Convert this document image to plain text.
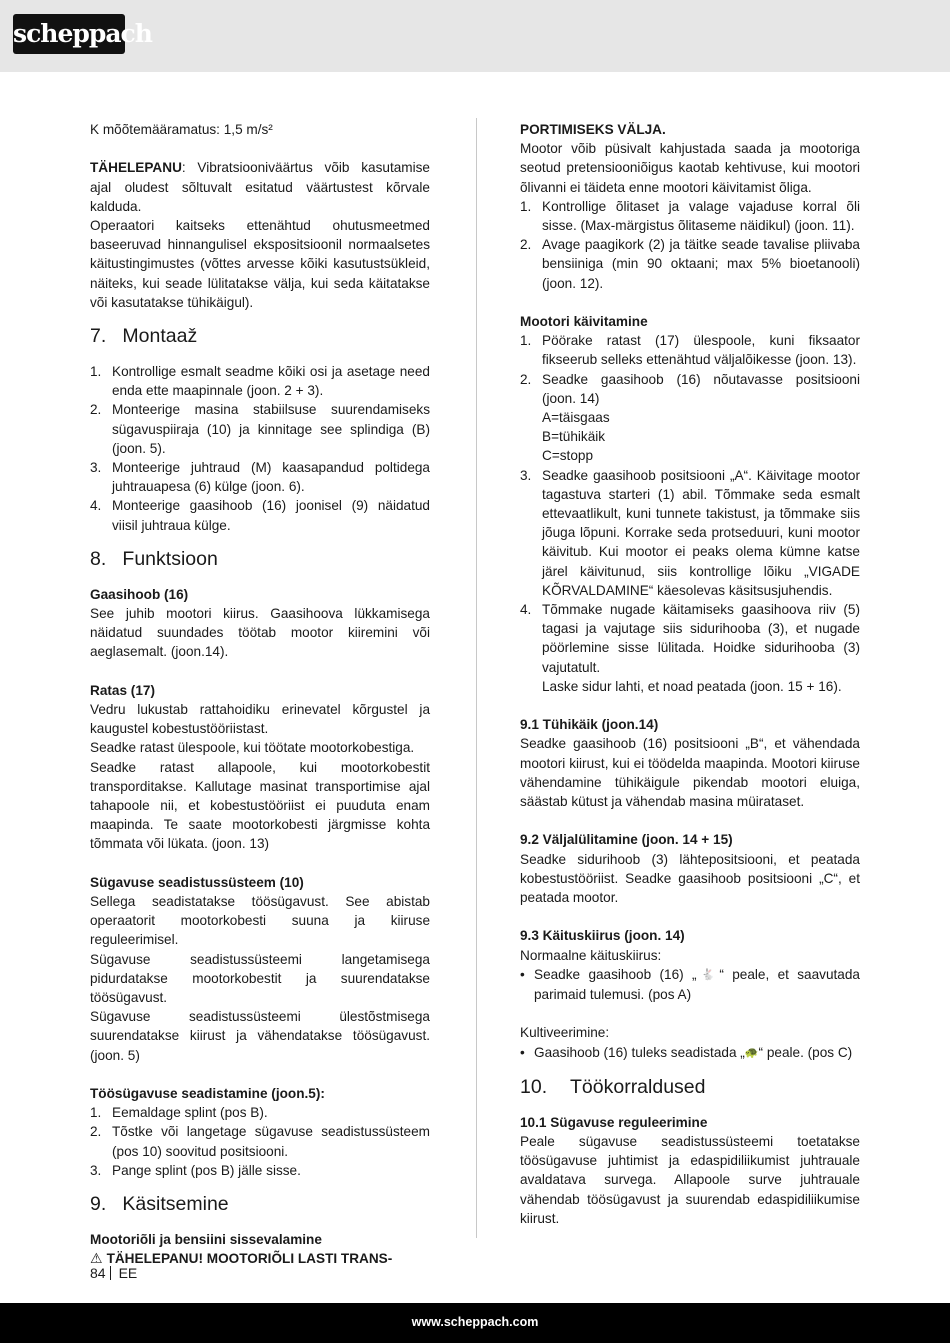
scheppach

K mõõtemääramatus: 1,5 m/s²

TÄHELEPANU: Vibratsiooniväärtus võib kasutamise ajal oludest sõltuvalt esitatud väärtustest kõrvale kalduda.

Operaatori kaitseks ettenähtud ohutusmeetmed baseeruvad hinnangulisel ekspositsioonil normaalsetes käitustingimustes (võttes arvesse kõiki kasutustsükleid, näiteks, kui seade lülitatakse välja, kui seda käitatakse või kasutatakse tühikäigul).

7. Montaaž
1. Kontrollige esmalt seadme kõiki osi ja asetage need enda ette maapinnale (joon. 2 + 3).
2. Monteerige masina stabiilsuse suurendamiseks sügavuspiiraja (10) ja kinnitage see splindiga (B) (joon. 5).
3. Monteerige juhtraud (M) kaasapandud poltidega juhtrauapesa (6) külge (joon. 6).
4. Monteerige gaasihoob (16) joonisel (9) näidatud viisil juhtraua külge.
8. Funktsioon

Gaasihoob (16)

See juhib mootori kiirus. Gaasihoova lükkamisega näidatud suundades töötab mootor kiiremini või aeglasemalt. (joon.14).

Ratas (17)

Vedru lukustab rattahoidiku erinevatel kõrgustel ja kaugustel kobestustööriistast.

Seadke ratast ülespoole, kui töötate mootorkobestiga.

Seadke ratast allapoole, kui mootorkobestit transporditakse. Kallutage masinat transportimise ajal tahapoole nii, et kobestustööriist ei puuduta enam maapinda. Te saate mootorkobesti järgmisse kohta tõmmata või lükata. (joon. 13)

Sügavuse seadistussüsteem (10)

Sellega seadistatakse töösügavust. See abistab operaatorit mootorkobesti suuna ja kiiruse reguleerimisel.

Sügavuse seadistussüsteemi langetamisega pidurdatakse mootorkobestit ja suurendatakse töösügavust.

Sügavuse seadistussüsteemi ülestõstmisega suurendatakse kiirust ja vähendatakse töösügavust. (joon. 5)

Töösügavuse seadistamine (joon.5):

1. Eemaldage splint (pos B).
2. Tõstke või langetage sügavuse seadistussüsteem (pos 10) soovitud positsiooni.
3. Pange splint (pos B) jälle sisse.
9. Käsitsemine

Mootoriõli ja bensiini sissevalamine

⚠ TÄHELEPANU! MOOTORIÕLI LASTI TRANS-

PORTIMISEKS VÄLJA.

Mootor võib püsivalt kahjustada saada ja mootoriga seotud pretensiooniõigus kaotab kehtivuse, kui mootori õlivanni ei täideta enne mootori käivitamist õliga.

1. Kontrollige õlitaset ja valage vajaduse korral õli sisse. (Max-märgistus õlitaseme näidikul) (joon. 11).
2. Avage paagikork (2) ja täitke seade tavalise pliivaba bensiiniga (min 90 oktaani; max 5% bioetanooli) (joon. 12).

Mootori käivitamine

1. Pöörake ratast (17) ülespoole, kuni fiksaator fikseerub selleks ettenähtud väljalõikesse (joon. 13).
2. Seadke gaasihoob (16) nõutavasse positsiooni (joon. 14)
A=täisgaas
B=tühikäik
C=stopp
3. Seadke gaasihoob positsiooni „A“. Käivitage mootor tagastuva starteri (1) abil. Tõmmake seda esmalt ettevaatlikult, kuni tunnete takistust, ja tõmmake siis jõuga lõpuni. Korrake seda protseduuri, kuni mootor käivitub. Kui mootor ei peaks olema kümne katse järel käivitunud, siis kontrollige lõiku „VIGADE KÕRVALDAMINE“ käesolevas käsitsusjuhendis.
4. Tõmmake nugade käitamiseks gaasihoova riiv (5) tagasi ja vajutage siis sidurihooba (3), et nugade pöörlemine sisse lülitada. Hoidke sidurihooba (3) vajutatult.
Laske sidur lahti, et noad peatada (joon. 15 + 16).

9.1 Tühikäik (joon.14)

Seadke gaasihoob (16) positsiooni „B“, et vähendada mootori kiirust, kui ei töödelda maapinda. Mootori kiiruse vähendamine tühikäigule pikendab mootori eluiga, säästab kütust ja vähendab masina müirataset.

9.2 Väljalülitamine (joon. 14 + 15)

Seadke sidurihoob (3) lähtepositsiooni, et peatada kobestustööriist. Seadke gaasihoob positsiooni „C“, et peatada mootor.

9.3 Käituskiirus (joon. 14)

Normaalne käituskiirus:

• Seadke gaasihoob (16) „🐇“ peale, et saavutada parimaid tulemusi. (pos A)

Kultiveerimine:

• Gaasihoob (16) tuleks seadistada „🐢“ peale. (pos C)
10. Töökorraldused

10.1 Sügavuse reguleerimine

Peale sügavuse seadistussüsteemi toetatakse töösügavuse juhtimist ja edaspidiliikumist juhtrauale avaldatava survega. Allapoole surve juhtrauale vähendab töösügavust ja suurendab edaspidiliikumise kiirust.

84 EE
www.scheppach.com
